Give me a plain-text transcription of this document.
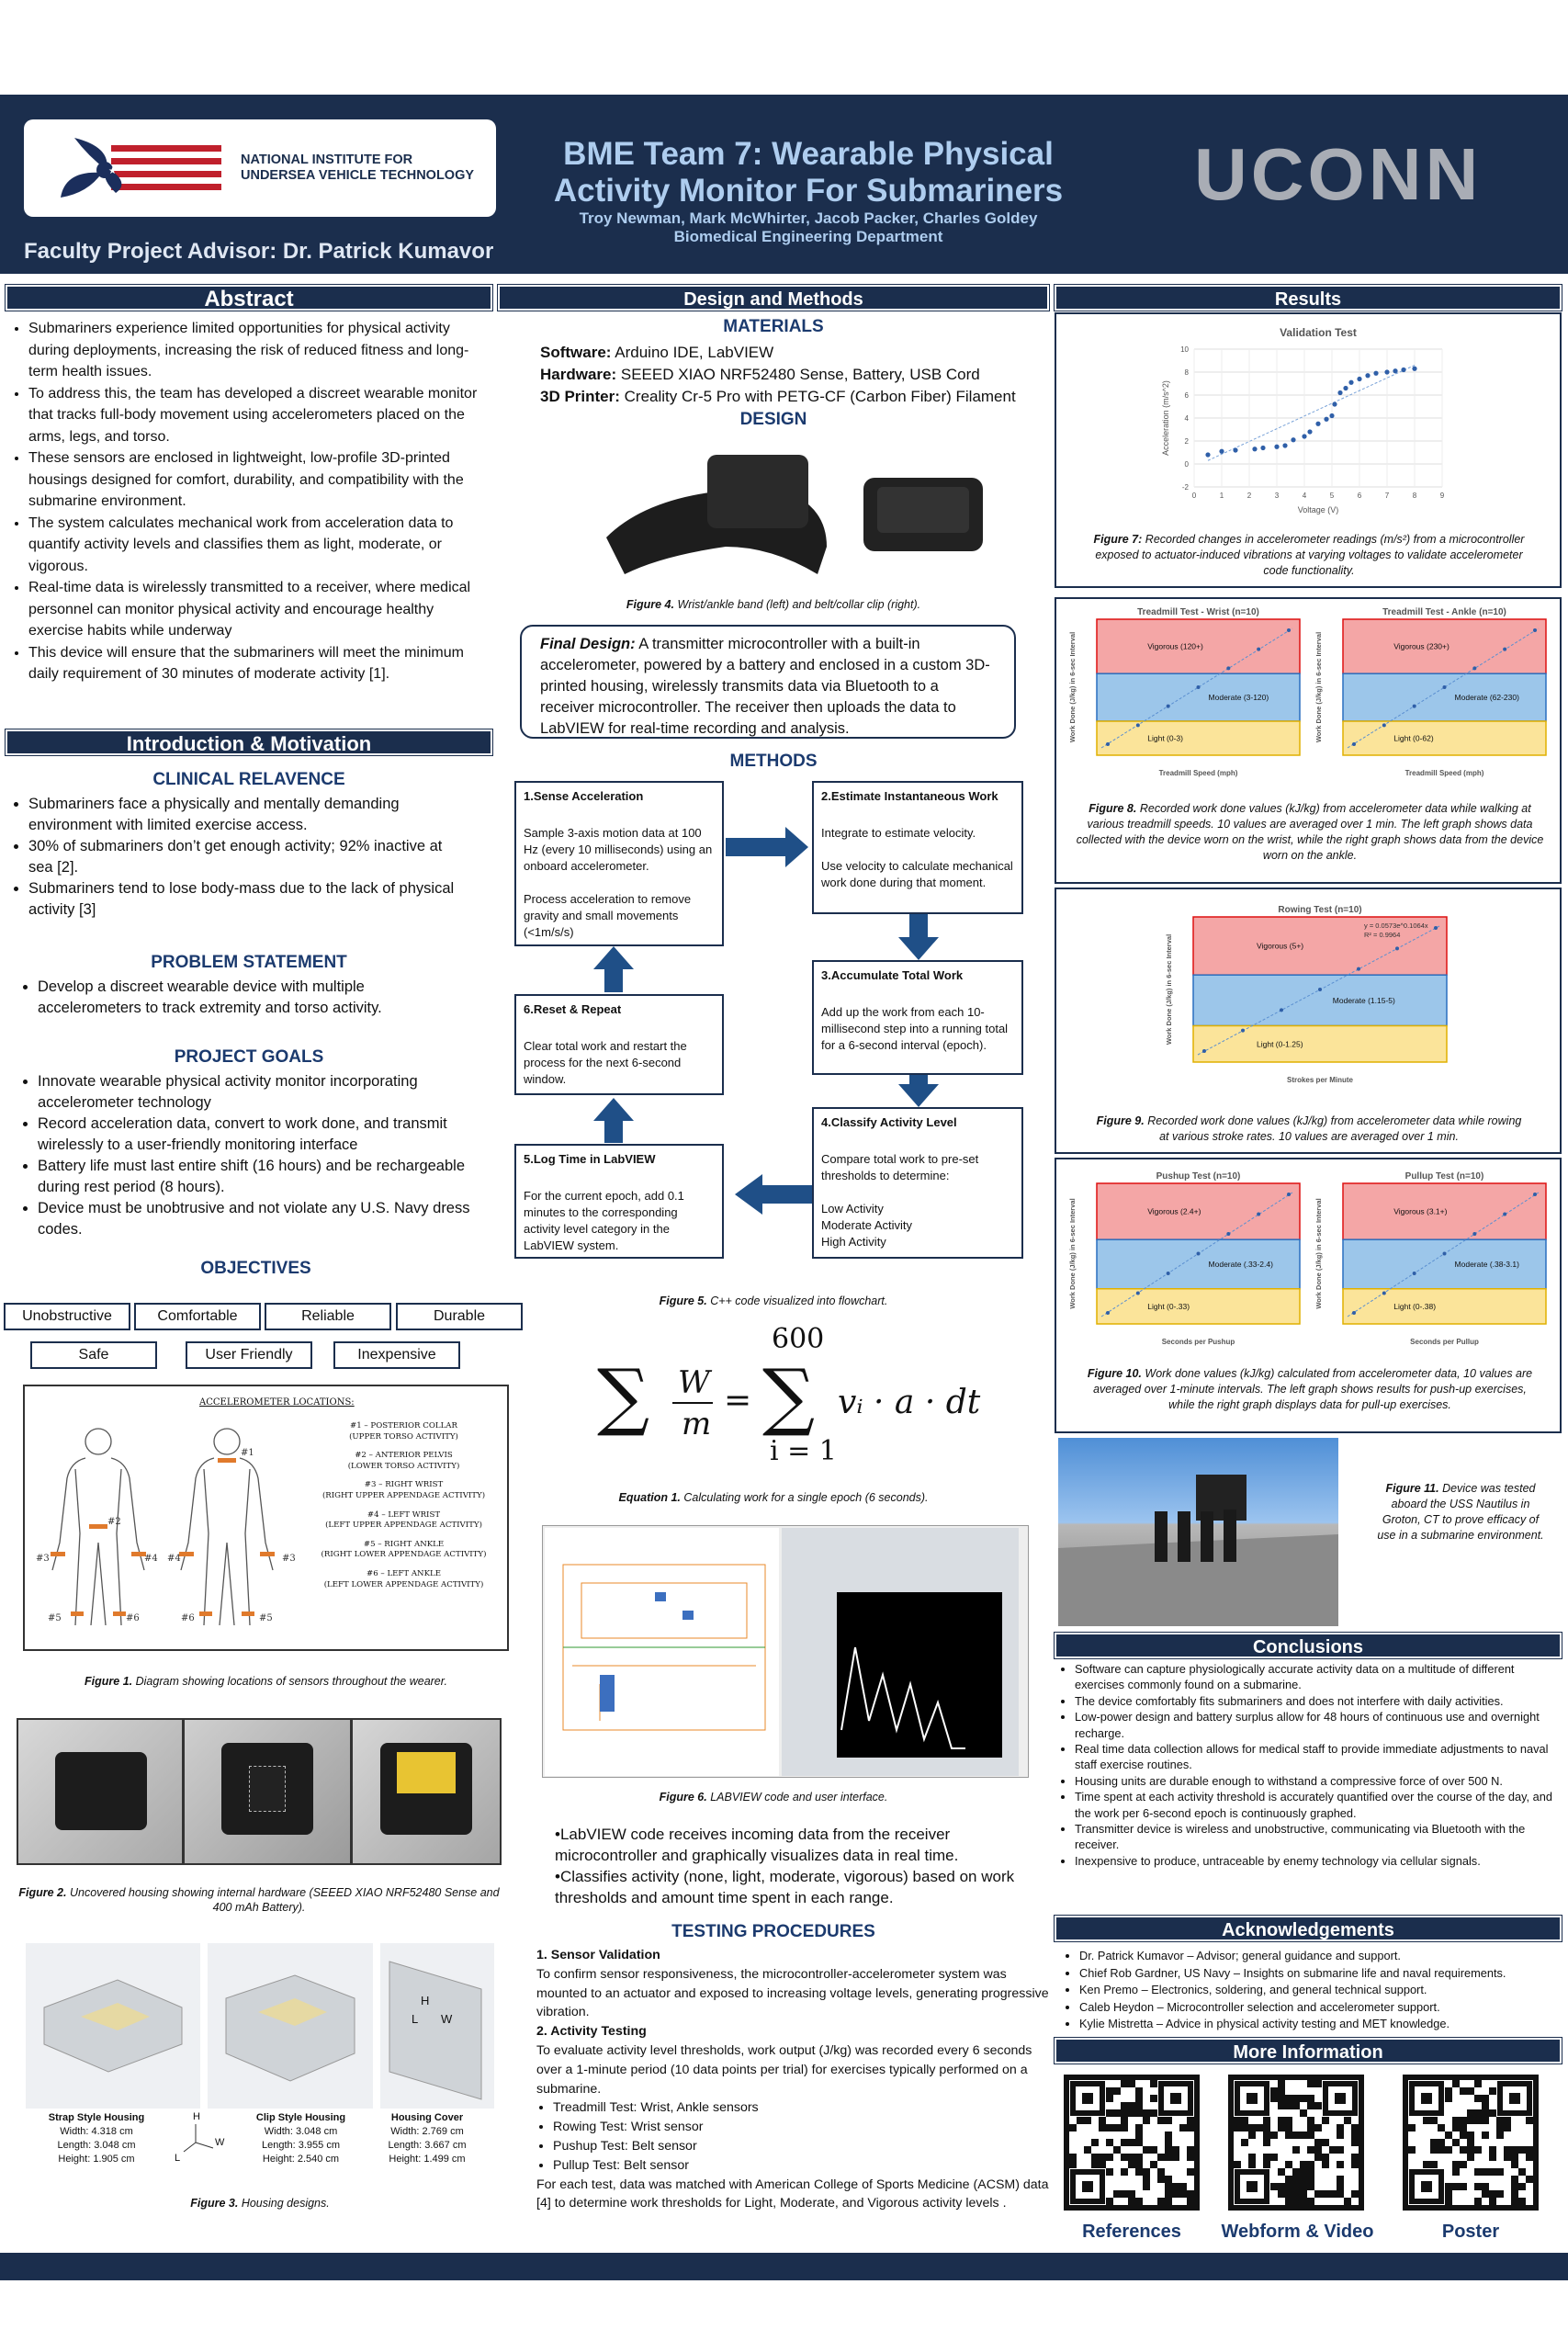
★
NATIONAL INSTITUTE FOR
UNDERSEA VEHICLE TECHNOLOGY
Faculty Project Advisor: Dr. Patrick Kumavor
BME Team 7: Wearable Physical
Activity Monitor For Submariners
Troy Newman, Mark McWhirter, Jacob Packer, Charles Goldey
Biomedical Engineering Department
UCONN
Abstract
• Submariners experience limited opportunities for physical activity during deployments, increasing the risk of reduced fitness and long-term health issues.
• To address this, the team has developed a discreet wearable monitor that tracks full-body movement using accelerometers placed on the arms, legs, and torso.
• These sensors are enclosed in lightweight, low-profile 3D-printed housings designed for comfort, durability, and compatibility with the submarine environment.
• The system calculates mechanical work from acceleration data to quantify activity levels and classifies them as light, moderate, or vigorous.
• Real-time data is wirelessly transmitted to a receiver, where medical personnel can monitor physical activity and encourage healthy exercise habits while underway
• This device will ensure that the submariners will meet the minimum daily requirement of 30 minutes of moderate activity [1].
Introduction & Motivation
CLINICAL RELAVENCE
• Submariners face a physically and mentally demanding environment with limited exercise access.
• 30% of submariners don’t get enough activity; 92% inactive at sea [2].
• Submariners tend to lose body-mass due to the lack of physical activity [3]
PROBLEM STATEMENT
• Develop a discreet wearable device with multiple accelerometers to track extremity and torso activity.
PROJECT GOALS
• Innovate wearable physical activity monitor incorporating accelerometer technology
• Record acceleration data, convert to work done, and transmit wirelessly to a user-friendly monitoring interface
• Battery life must last entire shift (16 hours) and be rechargeable during rest period (8 hours).
• Device must be unobtrusive and not violate any U.S. Navy dress codes.
OBJECTIVES
Unobstructive	Comfortable	Reliable	Durable
Safe	User Friendly	Inexpensive
ACCELEROMETER LOCATIONS:
#3	#4 #4	#3
#5	#6	#6	#5
#2
#1
#1 – POSTERIOR COLLAR
(UPPER TORSO ACTIVITY)
#2 – ANTERIOR PELVIS
(LOWER TORSO ACTIVITY)
#3 – RIGHT WRIST
(RIGHT UPPER APPENDAGE ACTIVITY)
#4 – LEFT WRIST
(LEFT UPPER APPENDAGE ACTIVITY)
#5 – RIGHT ANKLE
(RIGHT LOWER APPENDAGE ACTIVITY)
#6 – LEFT ANKLE
(LEFT LOWER APPENDAGE ACTIVITY)
Figure 1. Diagram showing locations of sensors throughout the wearer.
Figure 2. Uncovered housing showing internal hardware (SEEED XIAO NRF52480 Sense and 400 mAh Battery).
H
W
L
Strap Style Housing
Width: 4.318 cm
Length: 3.048 cm
Height: 1.905 cm
H
W
L
Clip Style Housing
Width: 3.048 cm
Length: 3.955 cm
Height: 2.540 cm
Housing Cover
Width: 2.769 cm
Length: 3.667 cm
Height: 1.499 cm
Figure 3. Housing designs.
Design and Methods
MATERIALS
Software: Arduino IDE, LabVIEW
Hardware: SEEED XIAO NRF52480 Sense, Battery, USB Cord
3D Printer: Creality Cr-5 Pro with PETG-CF (Carbon Fiber) Filament
DESIGN
Figure 4. Wrist/ankle band (left) and belt/collar clip (right).
Final Design: A transmitter microcontroller with a built-in accelerometer, powered by a battery and enclosed in a custom 3D-printed housing, wirelessly transmits data via Bluetooth to a receiver microcontroller. The receiver then uploads the data to LabVIEW for real-time recording and analysis.
METHODS
1.Sense Acceleration
Sample 3-axis motion data at 100 Hz (every 10 milliseconds) using an onboard accelerometer.

Process acceleration to remove gravity and small movements (<1m/s/s)
2.Estimate Instantaneous Work
Integrate to estimate velocity.

Use velocity to calculate mechanical work done during that moment.
3.Accumulate Total Work
Add up the work from each 10-millisecond step into a running total for a 6-second interval (epoch).
4.Classify Activity Level
Compare total work to pre-set thresholds to determine:

Low Activity
Moderate Activity
High Activity
5.Log Time in LabVIEW
For the current epoch, add 0.1 minutes to the corresponding activity level category in the LabVIEW system.
6.Reset & Repeat
Clear total work and restart the process for the next 6-second window.
Figure 5. C++ code visualized into flowchart.
∑ W
m
=
600
∑
i = 1
vᵢ · a · dt
Equation 1. Calculating work for a single epoch (6 seconds).
Figure 6. LABVIEW code and user interface.
•LabVIEW code receives incoming data from the receiver microcontroller and graphically visualizes data in real time.
•Classifies activity (none, light, moderate, vigorous) based on work thresholds and amount time spent in each range.
TESTING PROCEDURES
1. Sensor Validation
To confirm sensor responsiveness, the microcontroller-accelerometer system was mounted to an actuator and exposed to increasing voltage levels, generating progressive vibration.
2. Activity Testing
To evaluate activity level thresholds, work output (J/kg) was recorded every 6 seconds over a 1-minute period (10 data points per trial) for exercises typically performed on a submarine.
• Treadmill Test: Wrist, Ankle sensors
• Rowing Test: Wrist sensor
• Pushup Test: Belt sensor
• Pullup Test: Belt sensor
For each test, data was matched with American College of Sports Medicine (ACSM) data [4] to determine work thresholds for Light, Moderate, and Vigorous activity levels .
Results
Validation Test
-2
0
2
4
6
8
10
0	1	2	3	4	5	6	7	8	9
Voltage (V)
Acceleration (m/s^2)
Figure 7: Recorded changes in accelerometer readings (m/s²) from a microcontroller exposed to actuator-induced vibrations at varying voltages to validate accelerometer code functionality.
Treadmill Test - Wrist (n=10)
Vigorous (120+)
Moderate (3-120)
Light (0-3)
Treadmill Speed (mph)
Work Done (J/kg) in 6-sec Interval
Treadmill Test - Ankle (n=10)
Vigorous (230+)
Moderate (62-230)
Light (0-62)
Treadmill Speed (mph)
Work Done (J/kg) in 6-sec Interval
Figure 8. Recorded work done values (kJ/kg) from accelerometer data while walking at various treadmill speeds. 10 values are averaged over 1 min. The left graph shows data collected with the device worn on the wrist, while the right graph shows data from the device worn on the ankle.
Rowing Test (n=10)
Vigorous (5+)
Moderate (1.15-5)
Light (0-1.25)
Strokes per Minute
Work Done (J/kg) in 6-sec Interval
y = 0.0573e^0.1064x
R² = 0.9964
Figure 9. Recorded work done values (kJ/kg) from accelerometer data while rowing at various stroke rates. 10 values are averaged over 1 min.
Pushup Test (n=10)
Vigorous (2.4+)
Moderate (.33-2.4)
Light (0-.33)
Seconds per Pushup
Work Done (J/kg) in 6-sec Interval
Pullup Test (n=10)
Vigorous (3.1+)
Moderate (.38-3.1)
Light (0-.38)
Seconds per Pullup
Work Done (J/kg) in 6-sec Interval
Figure 10. Work done values (kJ/kg) calculated from accelerometer data, 10 values are averaged over 1-minute intervals. The left graph shows results for push-up exercises, while the right graph displays data for pull-up exercises.
Figure 11. Device was tested aboard the USS Nautilus in Groton, CT to prove efficacy of use in a submarine environment.
Conclusions
• Software can capture physiologically accurate activity data on a multitude of different exercises commonly found on a submarine.
• The device comfortably fits submariners and does not interfere with daily activities.
• Low-power design and battery surplus allow for 48 hours of continuous use and overnight recharge.
• Real time data collection allows for medical staff to provide immediate adjustments to naval staff exercise routines.
• Housing units are durable enough to withstand a compressive force of over 500 N.
• Time spent at each activity threshold is accurately quantified over the course of the day, and the work per 6-second epoch is continuously graphed.
• Transmitter device is wireless and unobstructive, communicating via Bluetooth with the receiver.
• Inexpensive to produce, untraceable by enemy technology via cellular signals.
Acknowledgements
• Dr. Patrick Kumavor – Advisor; general guidance and support.
• Chief Rob Gardner, US Navy – Insights on submarine life and naval requirements.
• Ken Premo – Electronics, soldering, and general technical support.
• Caleb Heydon – Microcontroller selection and accelerometer support.
• Kylie Mistretta – Advice in physical activity testing and MET knowledge.
More Information
References	Webform & Video	Poster
